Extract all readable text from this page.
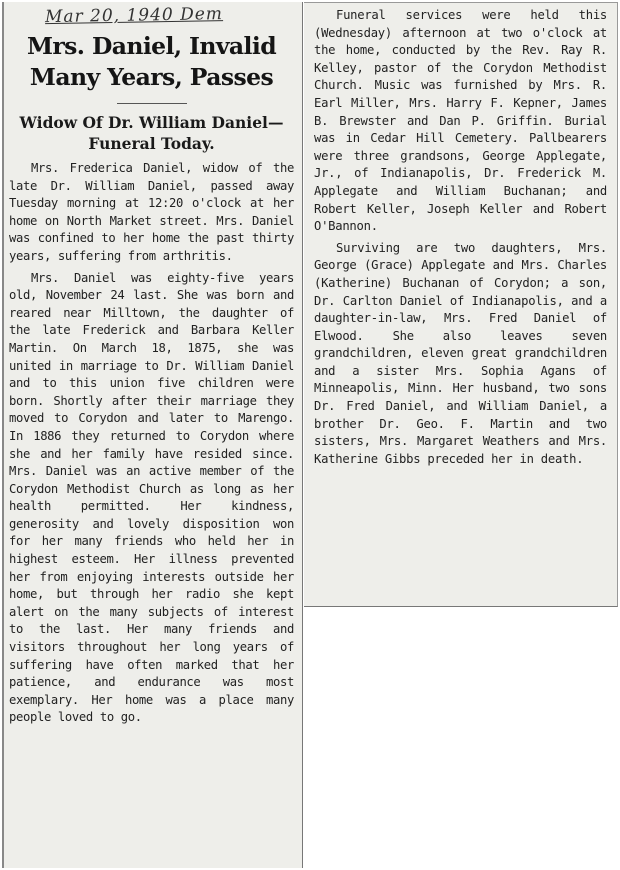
Mar 20, 1940 Dem
Mrs. Daniel, Invalid Many Years, Passes
Widow Of Dr. William Daniel—Funeral Today.

Mrs. Frederica Daniel, widow of the late Dr. William Daniel, passed away Tuesday morning at 12:20 o'clock at her home on North Market street. Mrs. Daniel was confined to her home the past thirty years, suffering from arthritis.

Mrs. Daniel was eighty-five years old, November 24 last. She was born and reared near Milltown, the daughter of the late Frederick and Barbara Keller Martin. On March 18, 1875, she was united in marriage to Dr. William Daniel and to this union five children were born. Shortly after their marriage they moved to Corydon and later to Marengo. In 1886 they returned to Corydon where she and her family have resided since. Mrs. Daniel was an active member of the Corydon Methodist Church as long as her health permitted. Her kindness, generosity and lovely disposition won for her many friends who held her in highest esteem. Her illness prevented her from enjoying interests outside her home, but through her radio she kept alert on the many subjects of interest to the last. Her many friends and visitors throughout her long years of suffering have often marked that her patience, and endurance was most exemplary. Her home was a place many people loved to go.

Funeral services were held this (Wednesday) afternoon at two o'clock at the home, conducted by the Rev. Ray R. Kelley, pastor of the Corydon Methodist Church. Music was furnished by Mrs. R. Earl Miller, Mrs. Harry F. Kepner, James B. Brewster and Dan P. Griffin. Burial was in Cedar Hill Cemetery. Pallbearers were three grandsons, George Applegate, Jr., of Indianapolis, Dr. Frederick M. Applegate and William Buchanan; and Robert Keller, Joseph Keller and Robert O'Bannon.

Surviving are two daughters, Mrs. George (Grace) Applegate and Mrs. Charles (Katherine) Buchanan of Corydon; a son, Dr. Carlton Daniel of Indianapolis, and a daughter-in-law, Mrs. Fred Daniel of Elwood. She also leaves seven grandchildren, eleven great grandchildren and a sister Mrs. Sophia Agans of Minneapolis, Minn. Her husband, two sons Dr. Fred Daniel, and William Daniel, a brother Dr. Geo. F. Martin and two sisters, Mrs. Margaret Weathers and Mrs. Katherine Gibbs preceded her in death.
